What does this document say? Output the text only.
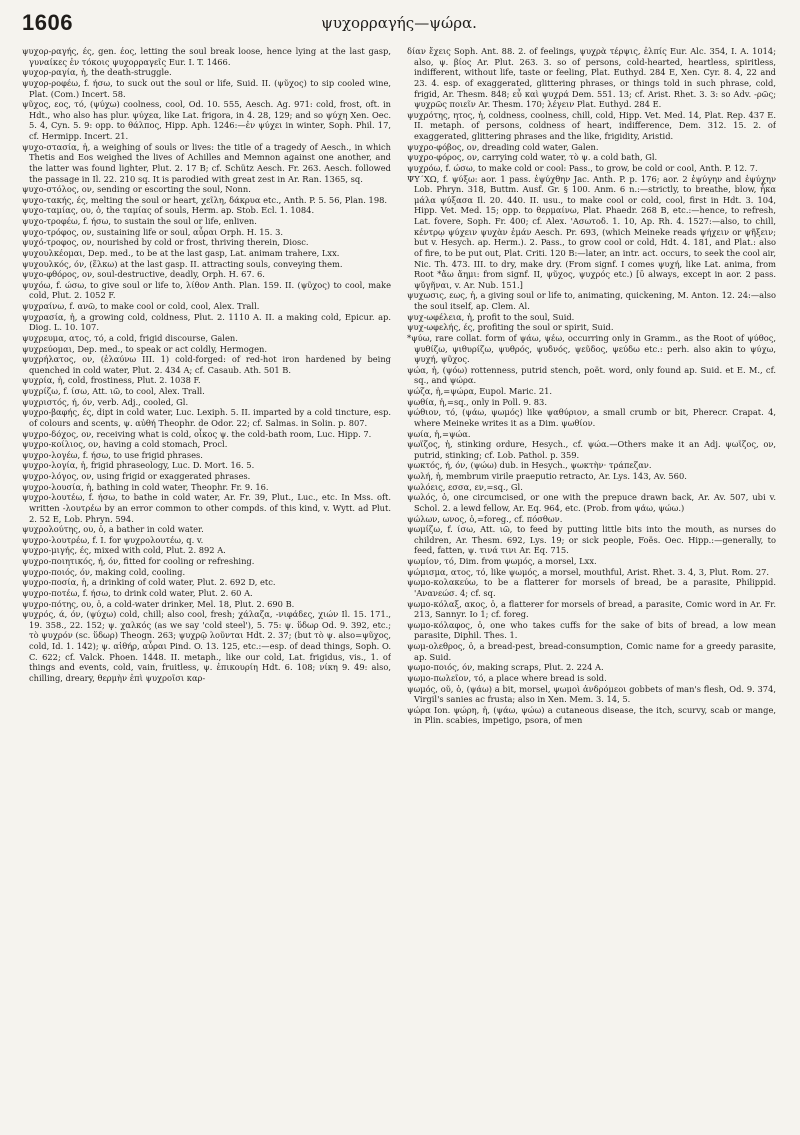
1606	ψυχορραγής—ψώρα.

ψυχορ-ραγής, ές, gen. έος, letting the soul break loose, hence lying at the last gasp, γυναίκες ἐν τόκοις ψυχορραγεῖς Eur. I. T. 1466.

ψυχορ-ραγία, ἡ, the death-struggle.

ψυχορ-ροφέω, f. ήσω, to suck out the soul or life, Suid. II. (ψῦχος) to sip cooled wine, Plat. (Com.) Incert. 58.

ψῦχος, εος, τό, (ψύχω) coolness, cool, Od. 10. 555, Aesch. Ag. 971: cold, frost, oft. in Hdt., who also has plur. ψύχεα, like Lat. frigora, in 4. 28, 129; and so ψύχη Xen. Oec. 5. 4, Cyn. 5. 9: opp. to θάλπος, Hipp. Aph. 1246:—ἐν ψύχει in winter, Soph. Phil. 17, cf. Hermipp. Incert. 21.

ψυχο-στασία, ἡ, a weighing of souls or lives: the title of a tragedy of Aesch., in which Thetis and Eos weighed the lives of Achilles and Memnon against one another, and the latter was found lighter, Plut. 2. 17 B; cf. Schütz Aesch. Fr. 263. Aesch. followed the passage in Il. 22. 210 sq. It is parodied with great zest in Ar. Ran. 1365, sq.

ψυχο-στόλος, ον, sending or escorting the soul, Nonn.

ψυχο-τακής, ές, melting the soul or heart, χεῖλη, δάκρυα etc., Anth. P. 5. 56, Plan. 198.

ψυχο-ταμίας, ου, ὁ, the ταμίας of souls, Herm. ap. Stob. Ecl. 1. 1084.

ψυχο-τροφέω, f. ήσω, to sustain the soul or life, enliven.

ψυχο-τρόφος, ον, sustaining life or soul, αὖραι Orph. H. 15. 3.

ψυχό-τροφος, ον, nourished by cold or frost, thriving therein, Diosc.

ψυχουλκέομαι, Dep. med., to be at the last gasp, Lat. animam trahere, Lxx.

ψυχουλκός, όν, (ἕλκω) at the last gasp. II. attracting souls, conveying them.

ψυχο-φθόρος, ον, soul-destructive, deadly, Orph. H. 67. 6.

ψυχόω, f. ώσω, to give soul or life to, λίθον Anth. Plan. 159. II. (ψῦχος) to cool, make cold, Plut. 2. 1052 F.

ψυχραίνω, f. ανῶ, to make cool or cold, cool, Alex. Trall.

ψυχρασία, ἡ, a growing cold, coldness, Plut. 2. 1110 A. II. a making cold, Epicur. ap. Diog. L. 10. 107.

ψυχρευμα, ατος, τό, a cold, frigid discourse, Galen.

ψυχρεύομαι, Dep. med., to speak or act coldly, Hermogen.

ψυχρήλατος, ον, (ἐλαύνω III. 1) cold-forged: of red-hot iron hardened by being quenched in cold water, Plut. 2. 434 A; cf. Casaub. Ath. 501 B.

ψυχρία, ἡ, cold, frostiness, Plut. 2. 1038 F.

ψυχρίζω, f. ίσω, Att. ιῶ, to cool, Alex. Trall.

ψυχριστός, ή, όν, verb. Adj., cooled, Gl.

ψυχρο-βαφής, ές, dipt in cold water, Luc. Lexiph. 5. II. imparted by a cold tincture, esp. of colours and scents, ψ. αὐθή Theophr. de Odor. 22; cf. Salmas. in Solin. p. 807.

ψυχρο-δόχος, ον, receiving what is cold, οἶκος ψ. the cold-bath room, Luc. Hipp. 7.

ψυχρο-κοίλιος, ον, having a cold stomach, Procl.

ψυχρο-λογέω, f. ήσω, to use frigid phrases.

ψυχρο-λογία, ἡ, frigid phraseology, Luc. D. Mort. 16. 5.

ψυχρο-λόγος, ον, using frigid or exaggerated phrases.

ψυχρο-λουσία, ἡ, bathing in cold water, Theophr. Fr. 9. 16.

ψυχρο-λουτέω, f. ήσω, to bathe in cold water, Ar. Fr. 39, Plut., Luc., etc. In Mss. oft. written -λουτρέω by an error common to other compds. of this kind, v. Wytt. ad Plut. 2. 52 E, Lob. Phryn. 594.

ψυχρολούτης, ου, ὁ, a bather in cold water.

ψυχρο-λουτρέω, f. I. for ψυχρολουτέω, q. v.

ψυχρο-μιγής, ές, mixed with cold, Plut. 2. 892 A.

ψυχρο-ποιητικός, ή, όν, fitted for cooling or refreshing.

ψυχρο-ποιός, όν, making cold, cooling.

ψυχρο-ποσία, ἡ, a drinking of cold water, Plut. 2. 692 D, etc.

ψυχρο-ποτέω, f. ήσω, to drink cold water, Plut. 2. 60 A.

ψυχρο-πότης, ου, ὁ, a cold-water drinker, Mel. 18, Plut. 2. 690 B.

ψυχρός, ά, όν, (ψύχω) cold, chill; also cool, fresh; χάλαζα, -νιφάδες, χιών Il. 15. 171., 19. 358., 22. 152; ψ. χαλκός (as we say 'cold steel'), 5. 75: ψ. ὕδωρ Od. 9. 392, etc.; τὸ ψυχρόν (sc. ὕδωρ) Theogn. 263; ψυχρῷ λοῦνται Hdt. 2. 37; (but τὸ ψ. also=ψῦχος, cold, Id. 1. 142); ψ. αἰθήρ, αὖραι Pind. O. 13. 125, etc.:—esp. of dead things, Soph. O. C. 622; cf. Valck. Phoen. 1448. II. metaph., like our cold, Lat. frigidus, vis., 1. of things and events, cold, vain, fruitless, ψ. ἐπικουρίη Hdt. 6. 108; νίκη 9. 49: also, chilling, dreary, θερμὴν ἐπὶ ψυχροῖσι καρ-

δίαν ἔχεις Soph. Ant. 88. 2. of feelings, ψυχρὰ τέρψις, ἐλπίς Eur. Alc. 354, I. A. 1014; also, ψ. βίος Ar. Plut. 263. 3. so of persons, cold-hearted, heartless, spiritless, indifferent, without life, taste or feeling, Plat. Euthyd. 284 E, Xen. Cyr. 8. 4, 22 and 23. 4. esp. of exaggerated, glittering phrases, or things told in such phrase, cold, frigid, Ar. Thesm. 848; εὖ καὶ ψυχρά Dem. 551. 13; cf. Arist. Rhet. 3. 3: so Adv. -ρῶς; ψυχρῶς ποιεῖν Ar. Thesm. 170; λέγειν Plat. Euthyd. 284 E.

ψυχρότης, ητος, ἡ, coldness, coolness, chill, cold, Hipp. Vet. Med. 14, Plat. Rep. 437 E. II. metaph. of persons, coldness of heart, indifference, Dem. 312. 15. 2. of exaggerated, glittering phrases and the like, frigidity, Aristid.

ψυχρο-φόβος, ον, dreading cold water, Galen.

ψυχρο-φόρος, ον, carrying cold water, τὸ ψ. a cold bath, Gl.

ψυχρόω, f. ώσω, to make cold or cool: Pass., to grow, be cold or cool, Anth. P. 12. 7.

ΨΥ΄ΧΩ, f. ψύξω: aor. 1 pass. ἐψύχθην Jac. Anth. P. p. 176; aor. 2 ἐψύγην and ἐψύχην Lob. Phryn. 318, Buttm. Ausf. Gr. § 100. Anm. 6 n.:—strictly, to breathe, blow, ἦκα μάλα ψύξασα Il. 20. 440. II. usu., to make cool or cold, cool, first in Hdt. 3. 104, Hipp. Vet. Med. 15; opp. to θερμαίνω, Plat. Phaedr. 268 B, etc.:—hence, to refresh, Lat. fovere, Soph. Fr. 400; cf. Alex. 'Ασωτοδ. 1. 10, Ap. Rh. 4. 1527:—also, to chill, κέντρῳ ψύχειν ψυχὰν ἐμάν Aesch. Pr. 693, (which Meineke reads ψήχειν or ψῆξειν; but v. Hesych. ap. Herm.). 2. Pass., to grow cool or cold, Hdt. 4. 181, and Plat.: also of fire, to be put out, Plat. Criti. 120 B:—later, an intr. act. occurs, to seek the cool air, Nic. Th. 473. III. to dry, make dry. (From signf. I comes ψυχή, like Lat. anima, from Root *ἄω ἄημι: from signf. II, ψῦχος, ψυχρός etc.) [ῡ always, except in aor. 2 pass. ψῠγῆναι, v. Ar. Nub. 151.]

ψυχωσις, εως, ἡ, a giving soul or life to, animating, quickening, M. Anton. 12. 24:—also the soul itself, ap. Clem. Al.

ψυχ-ωφέλεια, ἡ, profit to the soul, Suid.

ψυχ-ωφελής, ές, profiting the soul or spirit, Suid.

*ψύω, rare collat. form of ψάω, ψέω, occurring only in Gramm., as the Root of ψύθος, ψυθίζω, ψιθυρίζω, ψυθρός, ψυδνός, ψεῦδος, ψεύδω etc.: perh. also akin to ψύχω, ψυχή, ψῦχος.

ψώα, ἡ, (ψόω) rottenness, putrid stench, poët. word, only found ap. Suid. et E. M., cf. sq., and ψώρα.

ψώζα, ἡ,=ψώρα, Eupol. Maric. 21.

ψωθία, ἡ,=sq., only in Poll. 9. 83.

ψώθιον, τό, (ψάω, ψωμός) like ψαθύριον, a small crumb or bit, Pherecr. Crapat. 4, where Meineke writes it as a Dim. ψωθίον.

ψωία, ἡ,=ψώα.

ψωϊζος, ἡ, stinking ordure, Hesych., cf. ψώα.—Others make it an Adj. ψωϊζος, ον, putrid, stinking; cf. Lob. Pathol. p. 359.

ψωκτός, ή, όν, (ψώω) dub. in Hesych., ψωκτὴν· τράπεζαν.

ψωλή, ἡ, membrum virile praeputio retracto, Ar. Lys. 143, Av. 560.

ψωλόεις, εσσα, εν,=sq., Gl.

ψωλός, ὁ, one circumcised, or one with the prepuce drawn back, Ar. Av. 507, ubi v. Schol. 2. a lewd fellow, Ar. Eq. 964, etc. (Prob. from ψάω, ψώω.)

ψώλων, ωνος, ὁ,=foreg., cf. πόσθων.

ψωμίζω, f. ίσω, Att. ιῶ, to feed by putting little bits into the mouth, as nurses do children, Ar. Thesm. 692, Lys. 19; or sick people, Foës. Oec. Hipp.:—generally, to feed, fatten, ψ. τινά τινι Ar. Eq. 715.

ψωμίον, τό, Dim. from ψωμός, a morsel, Lxx.

ψώμισμα, ατος, τό, like ψωμός, a morsel, mouthful, Arist. Rhet. 3. 4, 3, Plut. Rom. 27.

ψωμο-κολακεύω, to be a flatterer for morsels of bread, be a parasite, Philippid. 'Ανανεώσ. 4; cf. sq.

ψωμο-κόλαξ, ακος, ὁ, a flatterer for morsels of bread, a parasite, Comic word in Ar. Fr. 213, Sannyr. Io 1; cf. foreg.

ψωμο-κόλαφος, ὁ, one who takes cuffs for the sake of bits of bread, a low mean parasite, Diphil. Thes. 1.

ψωμ-ολεθρος, ὁ, a bread-pest, bread-consumption, Comic name for a greedy parasite, ap. Suid.

ψωμο-ποιός, όν, making scraps, Plut. 2. 224 A.

ψωμο-πωλεῖον, τό, a place where bread is sold.

ψωμός, οῦ, ὁ, (ψάω) a bit, morsel, ψωμοὶ ἀνδρόμεοι gobbets of man's flesh, Od. 9. 374, Virgil's sanies ac frusta; also in Xen. Mem. 3. 14, 5.

ψώρα Ion. ψώρη, ἡ, (ψάω, ψώω) a cutaneous disease, the itch, scurvy, scab or mange, in Plin. scabies, impetigo, psora, of men
